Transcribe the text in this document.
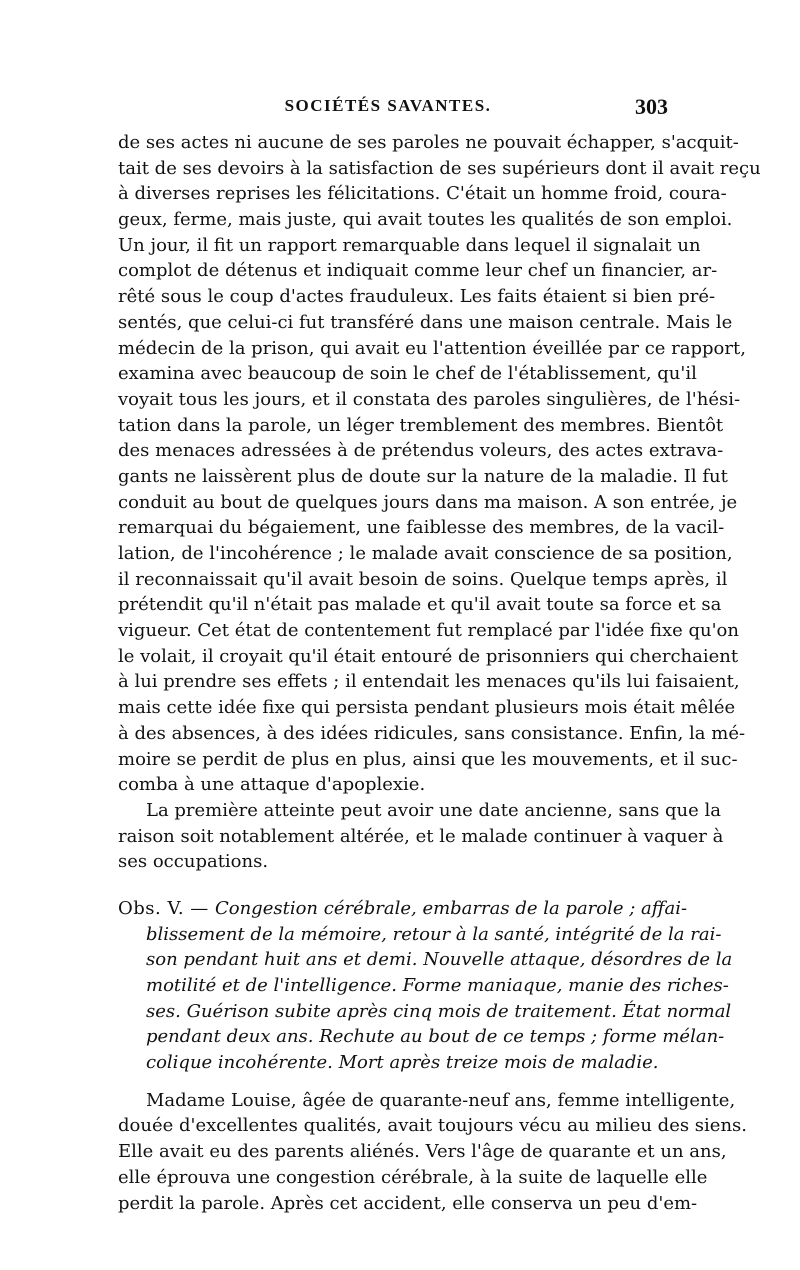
SOCIÉTÉS SAVANTES.	303
de ses actes ni aucune de ses paroles ne pouvait échapper, s'acquit-
tait de ses devoirs à la satisfaction de ses supérieurs dont il avait reçu
à diverses reprises les félicitations. C'était un homme froid, coura-
geux, ferme, mais juste, qui avait toutes les qualités de son emploi.
Un jour, il fit un rapport remarquable dans lequel il signalait un
complot de détenus et indiquait comme leur chef un financier, ar-
rêté sous le coup d'actes frauduleux. Les faits étaient si bien pré-
sentés, que celui-ci fut transféré dans une maison centrale. Mais le
médecin de la prison, qui avait eu l'attention éveillée par ce rapport,
examina avec beaucoup de soin le chef de l'établissement, qu'il
voyait tous les jours, et il constata des paroles singulières, de l'hési-
tation dans la parole, un léger tremblement des membres. Bientôt
des menaces adressées à de prétendus voleurs, des actes extrava-
gants ne laissèrent plus de doute sur la nature de la maladie. Il fut
conduit au bout de quelques jours dans ma maison. A son entrée, je
remarquai du bégaiement, une faiblesse des membres, de la vacil-
lation, de l'incohérence ; le malade avait conscience de sa position,
il reconnaissait qu'il avait besoin de soins. Quelque temps après, il
prétendit qu'il n'était pas malade et qu'il avait toute sa force et sa
vigueur. Cet état de contentement fut remplacé par l'idée fixe qu'on
le volait, il croyait qu'il était entouré de prisonniers qui cherchaient
à lui prendre ses effets ; il entendait les menaces qu'ils lui faisaient,
mais cette idée fixe qui persista pendant plusieurs mois était mêlée
à des absences, à des idées ridicules, sans consistance. Enfin, la mé-
moire se perdit de plus en plus, ainsi que les mouvements, et il suc-
comba à une attaque d'apoplexie.
La première atteinte peut avoir une date ancienne, sans que la
raison soit notablement altérée, et le malade continuer à vaquer à
ses occupations.
Obs. V. — Congestion cérébrale, embarras de la parole ; affai-
blissement de la mémoire, retour à la santé, intégrité de la rai-
son pendant huit ans et demi. Nouvelle attaque, désordres de la
motilité et de l'intelligence. Forme maniaque, manie des riches-
ses. Guérison subite après cinq mois de traitement. État normal
pendant deux ans. Rechute au bout de ce temps ; forme mélan-
colique incohérente. Mort après treize mois de maladie.
Madame Louise, âgée de quarante-neuf ans, femme intelligente,
douée d'excellentes qualités, avait toujours vécu au milieu des siens.
Elle avait eu des parents aliénés. Vers l'âge de quarante et un ans,
elle éprouva une congestion cérébrale, à la suite de laquelle elle
perdit la parole. Après cet accident, elle conserva un peu d'em-
